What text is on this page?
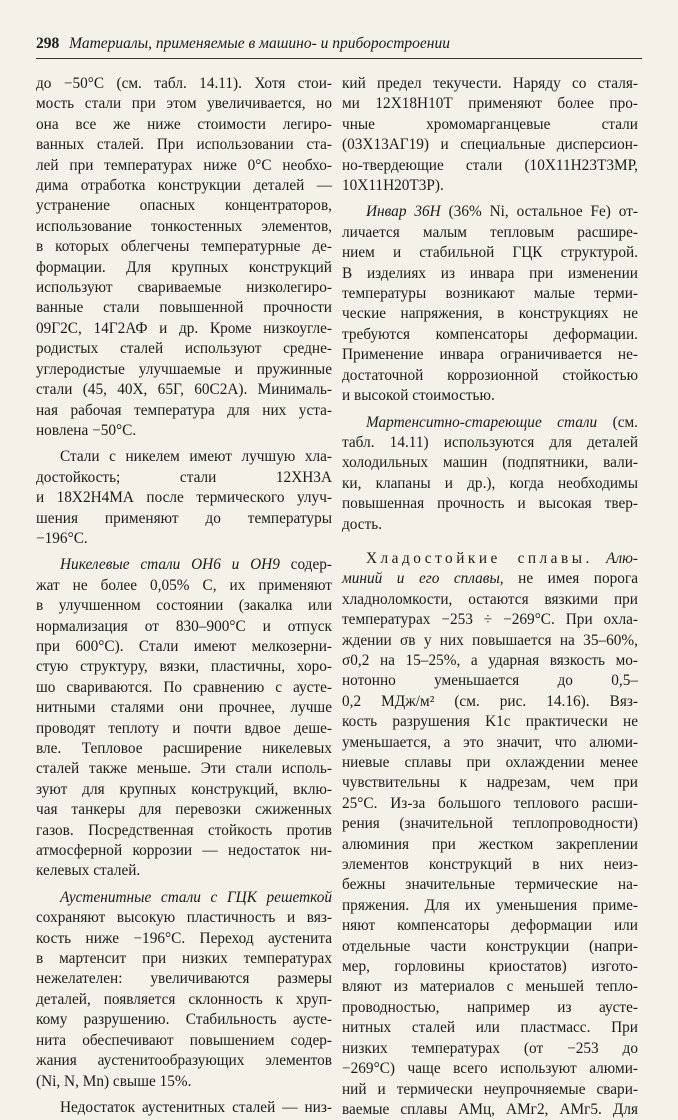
298 Материалы, применяемые в машино- и приборостроении

до −50°C (см. табл. 14.11). Хотя стои-

мость стали при этом увеличивается, но

она все же ниже стоимости легиро-

ванных сталей. При использовании ста-

лей при температурах ниже 0°C необхо-

дима отработка конструкции деталей —

устранение опасных концентраторов,

использование тонкостенных элементов,

в которых облегчены температурные де-

формации. Для крупных конструкций

используют свариваемые низколегиро-

ванные стали повышенной прочности

09Г2С, 14Г2АФ и др. Кроме низкоугле-

родистых сталей используют средне-

углеродистые улучшаемые и пружинные

стали (45, 40Х, 65Г, 60С2А). Минималь-

ная рабочая температура для них уста-

новлена −50°C.

Стали с никелем имеют лучшую хла-

достойкость; стали 12ХН3А

и 18Х2Н4МА после термического улуч-

шения применяют до температуры

−196°C.

Никелевые стали ОН6 и ОН9 содер-

жат не более 0,05% C, их применяют

в улучшенном состоянии (закалка или

нормализация от 830–900°C и отпуск

при 600°C). Стали имеют мелкозерни-

стую структуру, вязки, пластичны, хоро-

шо свариваются. По сравнению с аусте-

нитными сталями они прочнее, лучше

проводят теплоту и почти вдвое деше-

вле. Тепловое расширение никелевых

сталей также меньше. Эти стали исполь-

зуют для крупных конструкций, вклю-

чая танкеры для перевозки сжиженных

газов. Посредственная стойкость против

атмосферной коррозии — недостаток ни-

келевых сталей.

Аустенитные стали с ГЦК решеткой

сохраняют высокую пластичность и вяз-

кость ниже −196°C. Переход аустенита

в мартенсит при низких температурах

нежелателен: увеличиваются размеры

деталей, появляется склонность к хруп-

кому разрушению. Стабильность аусте-

нита обеспечивают повышением содер-

жания аустенитообразующих элементов

(Ni, N, Mn) свыше 15%.

Недостаток аустенитных сталей — низ-

кий предел текучести. Наряду со сталя-

ми 12Х18Н10Т применяют более про-

чные хромомарганцевые стали

(03Х13АГ19) и специальные дисперсион-

но-твердеющие стали (10Х11Н23Т3МР,

10Х11Н20Т3Р).

Инвар 36Н (36% Ni, остальное Fe) от-

личается малым тепловым расшире-

нием и стабильной ГЦК структурой.

В изделиях из инвара при изменении

температуры возникают малые терми-

ческие напряжения, в конструкциях не

требуются компенсаторы деформации.

Применение инвара ограничивается не-

достаточной коррозионной стойкостью

и высокой стоимостью.

Мартенситно-стареющие стали (см.

табл. 14.11) используются для деталей

холодильных машин (подпятники, вали-

ки, клапаны и др.), когда необходимы

повышенная прочность и высокая твер-

дость.

Хладостойкие сплавы. Алю-

миний и его сплавы, не имея порога

хладноломкости, остаются вязкими при

температурах −253 ÷ −269°C. При охла-

ждении σв у них повышается на 35–60%,

σ0,2 на 15–25%, а ударная вязкость мо-

нотонно уменьшается до 0,5–

0,2 МДж/м² (см. рис. 14.16). Вяз-

кость разрушения K1c практически не

уменьшается, а это значит, что алюми-

ниевые сплавы при охлаждении менее

чувствительны к надрезам, чем при

25°C. Из-за большого теплового расши-

рения (значительной теплопроводности)

алюминия при жестком закреплении

элементов конструкций в них неиз-

бежны значительные термические на-

пряжения. Для их уменьшения приме-

няют компенсаторы деформации или

отдельные части конструкции (напри-

мер, горловины криостатов) изгото-

вляют из материалов с меньшей тепло-

проводностью, например из аусте-

нитных сталей или пластмасс. При

низких температурах (от −253 до

−269°C) чаще всего используют алюми-

ний и термически неупрочняемые свари-

ваемые сплавы АМц, АМг2, АМг5. Для
